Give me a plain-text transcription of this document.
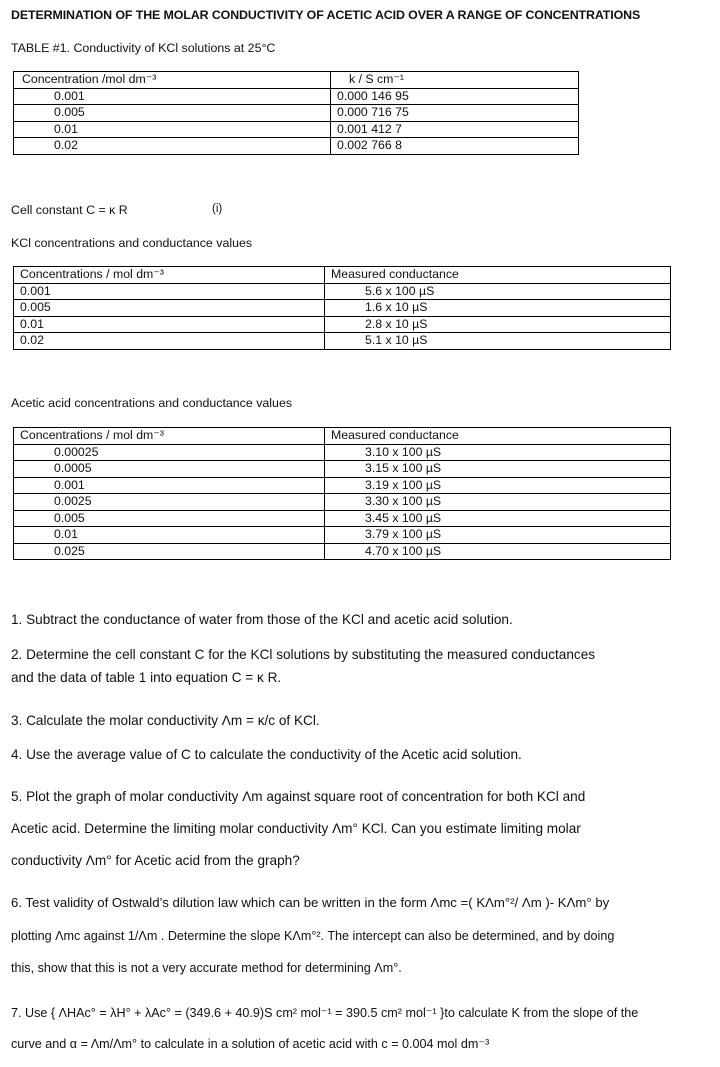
DETERMINATION OF THE MOLAR CONDUCTIVITY OF ACETIC ACID OVER A RANGE OF CONCENTRATIONS
TABLE #1. Conductivity of KCl solutions at 25°C
Concentration /mol dm⁻³	k / S cm⁻¹
0.001	0.000 146 95
0.005	0.000 716 75
0.01	0.001 412 7
0.02	0.002 766 8
Cell constant C = κ R	(i)
KCl concentrations and conductance values
Concentrations / mol dm⁻³	Measured conductance
0.001	5.6 x 100 µS
0.005	1.6 x 10 µS
0.01	2.8 x 10 µS
0.02	5.1 x 10 µS
Acetic acid concentrations and conductance values
Concentrations / mol dm⁻³	Measured conductance
0.00025	3.10 x 100 µS
0.0005	3.15 x 100 µS
0.001	3.19 x 100 µS
0.0025	3.30 x 100 µS
0.005	3.45 x 100 µS
0.01	3.79 x 100 µS
0.025	4.70 x 100 µS
1. Subtract the conductance of water from those of the KCl and acetic acid solution.
2. Determine the cell constant C for the KCl solutions by substituting the measured conductances
and the data of table 1 into equation C = κ R.
3. Calculate the molar conductivity Λm = κ/c of KCl.
4. Use the average value of C to calculate the conductivity of the Acetic acid solution.
5. Plot the graph of molar conductivity Λm against square root of concentration for both KCl and
Acetic acid. Determine the limiting molar conductivity Λm° KCl. Can you estimate limiting molar
conductivity Λm° for Acetic acid from the graph?
6. Test validity of Ostwald’s dilution law which can be written in the form Λmc =( KΛm°²/ Λm )- KΛm° by
plotting Λmc against 1/Λm . Determine the slope KΛm°². The intercept can also be determined, and by doing
this, show that this is not a very accurate method for determining Λm°.
7. Use { ΛHAc° = λH° + λAc° = (349.6 + 40.9)S cm² mol⁻¹ = 390.5 cm² mol⁻¹ }to calculate K from the slope of the
curve and α = Λm/Λm° to calculate in a solution of acetic acid with c = 0.004 mol dm⁻³
